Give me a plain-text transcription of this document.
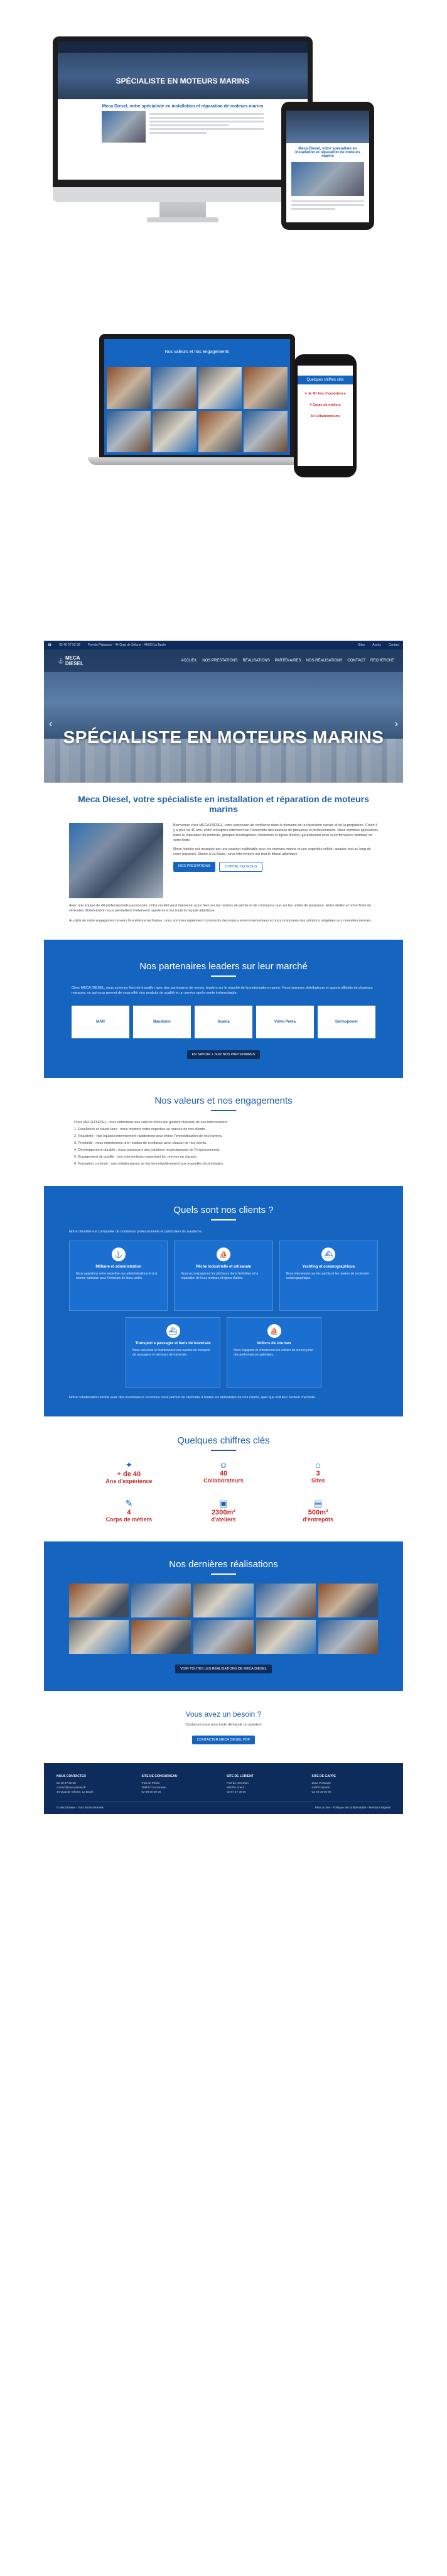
SPÉCIALISTE EN MOTEURS MARINS
Meca Diesel, votre spécialiste en installation et réparation de moteurs marins
Meca Diesel, votre spécialiste en installation et réparation de moteurs marins
Nos valeurs et nos engagements
Quelques chiffres clés
+ de 40 Ans d'expérience
4 Corps de métiers
40 Collaborateurs
☎ 02 40 27 52 58 Port de Plaisance - 44 Quai de Sélune - 44500 La Baule	Sites Accès Contact
⚓ MECA DIESEL	ACCUEIL NOS PRESTATIONS RÉALISATIONS PARTENAIRES NOS RÉALISATIONS CONTACT RECHERCHE
‹	›
SPÉCIALISTE EN MOTEURS MARINS
Meca Diesel, votre spécialiste en installation et réparation de moteurs marins
Bienvenue chez MECA DIESEL, votre partenaire de confiance dans le domaine de la réparation navale et de la propulsion. Créée il y a plus de 40 ans, notre entreprise intervient sur l'ensemble des bateaux de plaisance et professionnels. Nous sommes spécialisés dans la réparation de moteurs, groupes électrogènes, inverseurs et lignes d'arbre, garantissant ainsi la performance optimale de votre flotte.
Notre histoire est marquée par une passion inaltérable pour les moteurs marins et une expertise solide, acquise tout au long de notre parcours. Située à La Baule, nous intervenons sur tout le littoral atlantique.
NOS PRESTATIONS	CONTACTEZ-NOUS
Avec une équipe de 40 professionnels passionnés, notre société peut intervenir aussi bien sur les navires de pêche et de commerce que sur les unités de plaisance. Notre atelier et notre flotte de véhicules d'intervention nous permettent d'intervenir rapidement sur toute la façade atlantique.
Au-delà de notre engagement envers l'excellence technique, nous sommes également conscients des enjeux environnementaux et nous proposons des solutions adaptées aux nouvelles normes.
Nos partenaires leaders sur leur marché
Chez MECA DIESEL, nous sommes fiers de travailler avec des partenaires de renom, leaders sur le marché de la motorisation marine. Nous sommes distributeurs et agents officiels de plusieurs marques, ce qui nous permet de vous offrir des produits de qualité et un service après-vente irréprochable.
MAN	Baudouin	Scania	Volvo Penta	Sermopower
EN SAVOIR + SUR NOS PARTENAIRES
Nos valeurs et nos engagements
Chez MECA DIESEL, nous défendons des valeurs fortes qui guident chacune de nos interventions :
1. Excellence et savoir-faire : nous mettons notre expertise au service de nos clients.
2. Réactivité : nos équipes interviennent rapidement pour limiter l'immobilisation de vos navires.
3. Proximité : nous entretenons une relation de confiance avec chacun de nos clients.
4. Développement durable : nous proposons des solutions respectueuses de l'environnement.
5. Engagement de qualité : nos interventions respectent les normes en vigueur.
6. Formation continue : nos collaborateurs se forment régulièrement aux nouvelles technologies.
Quels sont nos clients ?
Notre clientèle est composée de nombreux professionnels et particuliers du nautisme.
⚓
Militaire et administration
Nous apportons notre expertise aux administrations et à la marine nationale pour l'entretien de leurs unités.
⛵
Pêche industrielle et artisanale
Nous accompagnons les pêcheurs dans l'entretien et la réparation de leurs moteurs et lignes d'arbre.
⛴
Yachting et océanographique
Nous intervenons sur les yachts et les navires de recherche océanographique.
⛴
Transport à passager et bacs de traversée
Nous assurons la maintenance des navires de transport de passagers et des bacs de traversée.
⛵
Voiliers de courses
Nous équipons et entretenons les voiliers de course pour des performances optimales.
Notre collaboration étroite avec des fournisseurs reconnus nous permet de répondre à toutes les demandes de nos clients, quel que soit leur secteur d'activité.
Quelques chiffres clés
✦
+ de 40
Ans d'expérience
☺
40
Collaborateurs
⌂
3
Sites
✎
4
Corps de métiers
▣
2300m²
d'ateliers
▤
500m²
d'entrepôts
Nos dernières réalisations
VOIR TOUTES LES RÉALISATIONS DE MECA DIESEL
Vous avez un besoin ?
Contactez-nous pour toute demande ou question
CONTACTER MECA DIESEL PDF
NOUS CONTACTER
02 40 27 52 58
contact@mecadiesel.fr
44 Quai de Sélune, La Baule
SITE DE CONCARNEAU
Port de Pêche
29900 Concarneau
02 98 50 00 00
SITE DE LORIENT
Port de Keroman
56100 Lorient
02 97 37 00 00
SITE DE GAPPE
Zone Portuaire
44000 Nantes
02 40 00 00 00
© Meca Diesel - Tous droits réservés	Plan du site - Politique de confidentialité - Mentions légales
